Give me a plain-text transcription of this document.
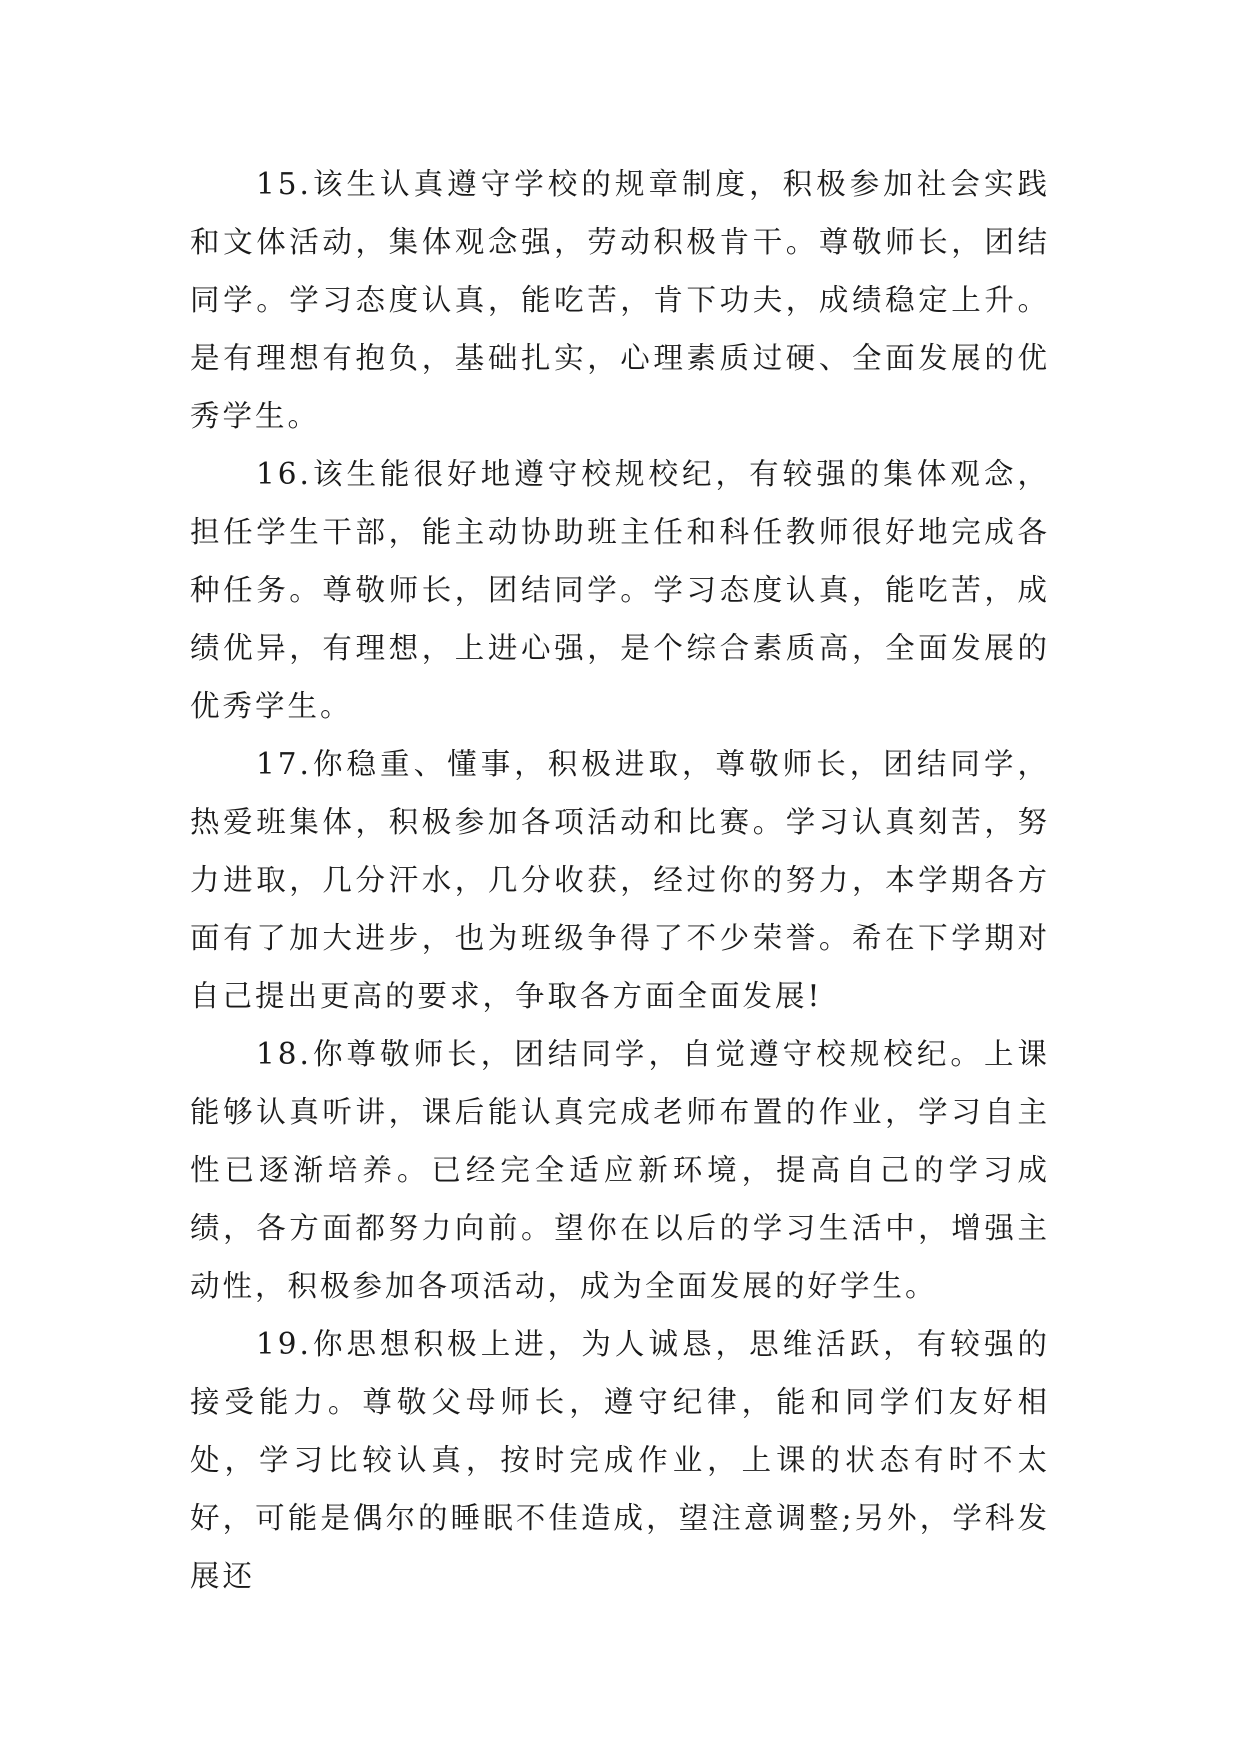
15.该生认真遵守学校的规章制度，积极参加社会实践和文体活动，集体观念强，劳动积极肯干。尊敬师长，团结同学。学习态度认真，能吃苦，肯下功夫，成绩稳定上升。是有理想有抱负，基础扎实，心理素质过硬、全面发展的优秀学生。

16.该生能很好地遵守校规校纪，有较强的集体观念，担任学生干部，能主动协助班主任和科任教师很好地完成各种任务。尊敬师长，团结同学。学习态度认真，能吃苦，成绩优异，有理想，上进心强，是个综合素质高，全面发展的优秀学生。

17.你稳重、懂事，积极进取，尊敬师长，团结同学，热爱班集体，积极参加各项活动和比赛。学习认真刻苦，努力进取，几分汗水，几分收获，经过你的努力，本学期各方面有了加大进步，也为班级争得了不少荣誉。希在下学期对自己提出更高的要求，争取各方面全面发展!

18.你尊敬师长，团结同学，自觉遵守校规校纪。上课能够认真听讲，课后能认真完成老师布置的作业，学习自主性已逐渐培养。已经完全适应新环境，提高自己的学习成绩，各方面都努力向前。望你在以后的学习生活中，增强主动性，积极参加各项活动，成为全面发展的好学生。

19.你思想积极上进，为人诚恳，思维活跃，有较强的接受能力。尊敬父母师长，遵守纪律，能和同学们友好相处，学习比较认真，按时完成作业，上课的状态有时不太好，可能是偶尔的睡眠不佳造成，望注意调整;另外，学科发展还
